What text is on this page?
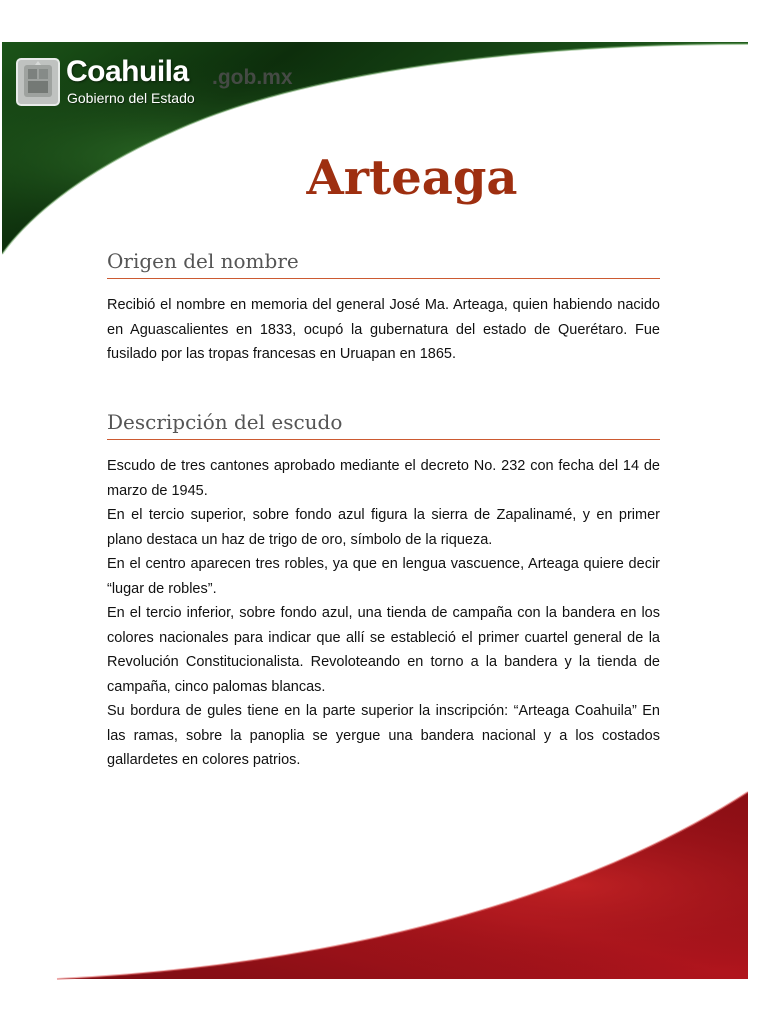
Coahuila .gob.mx
Gobierno del Estado
Arteaga
Origen del nombre

Recibió el nombre en memoria del general José Ma. Arteaga, quien habiendo nacido en Aguascalientes en 1833, ocupó la gubernatura del estado de Querétaro. Fue fusilado por las tropas francesas en Uruapan en 1865.

Descripción del escudo

Escudo de tres cantones aprobado mediante el decreto No. 232 con fecha del 14 de marzo de 1945.

En el tercio superior, sobre fondo azul figura la sierra de Zapalinamé, y en primer plano destaca un haz de trigo de oro, símbolo de la riqueza.

En el centro aparecen tres robles, ya que en lengua vascuence, Arteaga quiere decir “lugar de robles”.

En el tercio inferior, sobre fondo azul, una tienda de campaña con la bandera en los colores nacionales para indicar que allí se estableció el primer cuartel general de la Revolución Constitucionalista. Revoloteando en torno a la bandera y la tienda de campaña, cinco palomas blancas.

Su bordura de gules tiene en la parte superior la inscripción: “Arteaga Coahuila” En las ramas, sobre la panoplia se yergue una bandera nacional y a los costados gallardetes en colores patrios.
